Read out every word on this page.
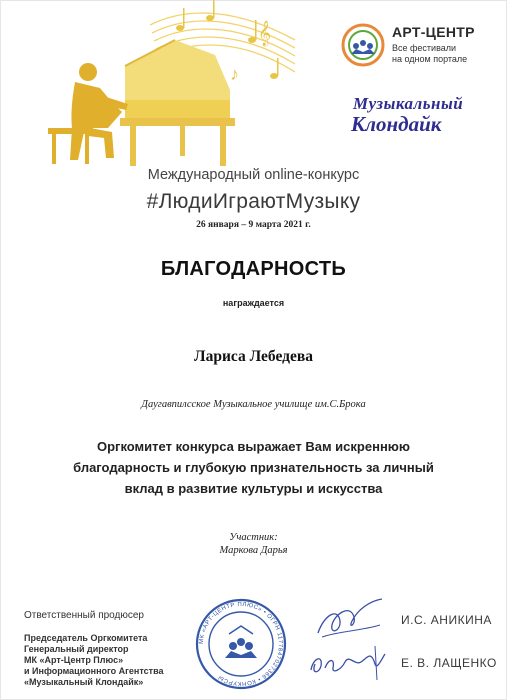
𝄞
♪
АРТ-ЦЕНТР
Все фестивали
на одном портале
Музыкальный
Клондайк
Международный online-конкурс
#ЛюдиИграютМузыку
26 января – 9 марта 2021 г.
БЛАГОДАРНОСТЬ
награждается
Лариса Лебедева
Даугавпилсское Музыкальное училище им.С.Брока
Оргкомитет конкурса выражает Вам искреннюю
благодарность и глубокую признательность за личный
вклад в развитие культуры и искусства
Участник:
Маркова Дарья
Ответственный продюсер
Председатель Оргкомитета
Генеральный директор
МК «Арт-Центр Плюс»
и Информационного Агентства
«Музыкальный Клондайк»
МК «АРТ-ЦЕНТР ПЛЮС» • ОГРН 1177847027366 • КОНКУРСЫ
И.С. АНИКИНА
Е. В. ЛАЩЕНКО
